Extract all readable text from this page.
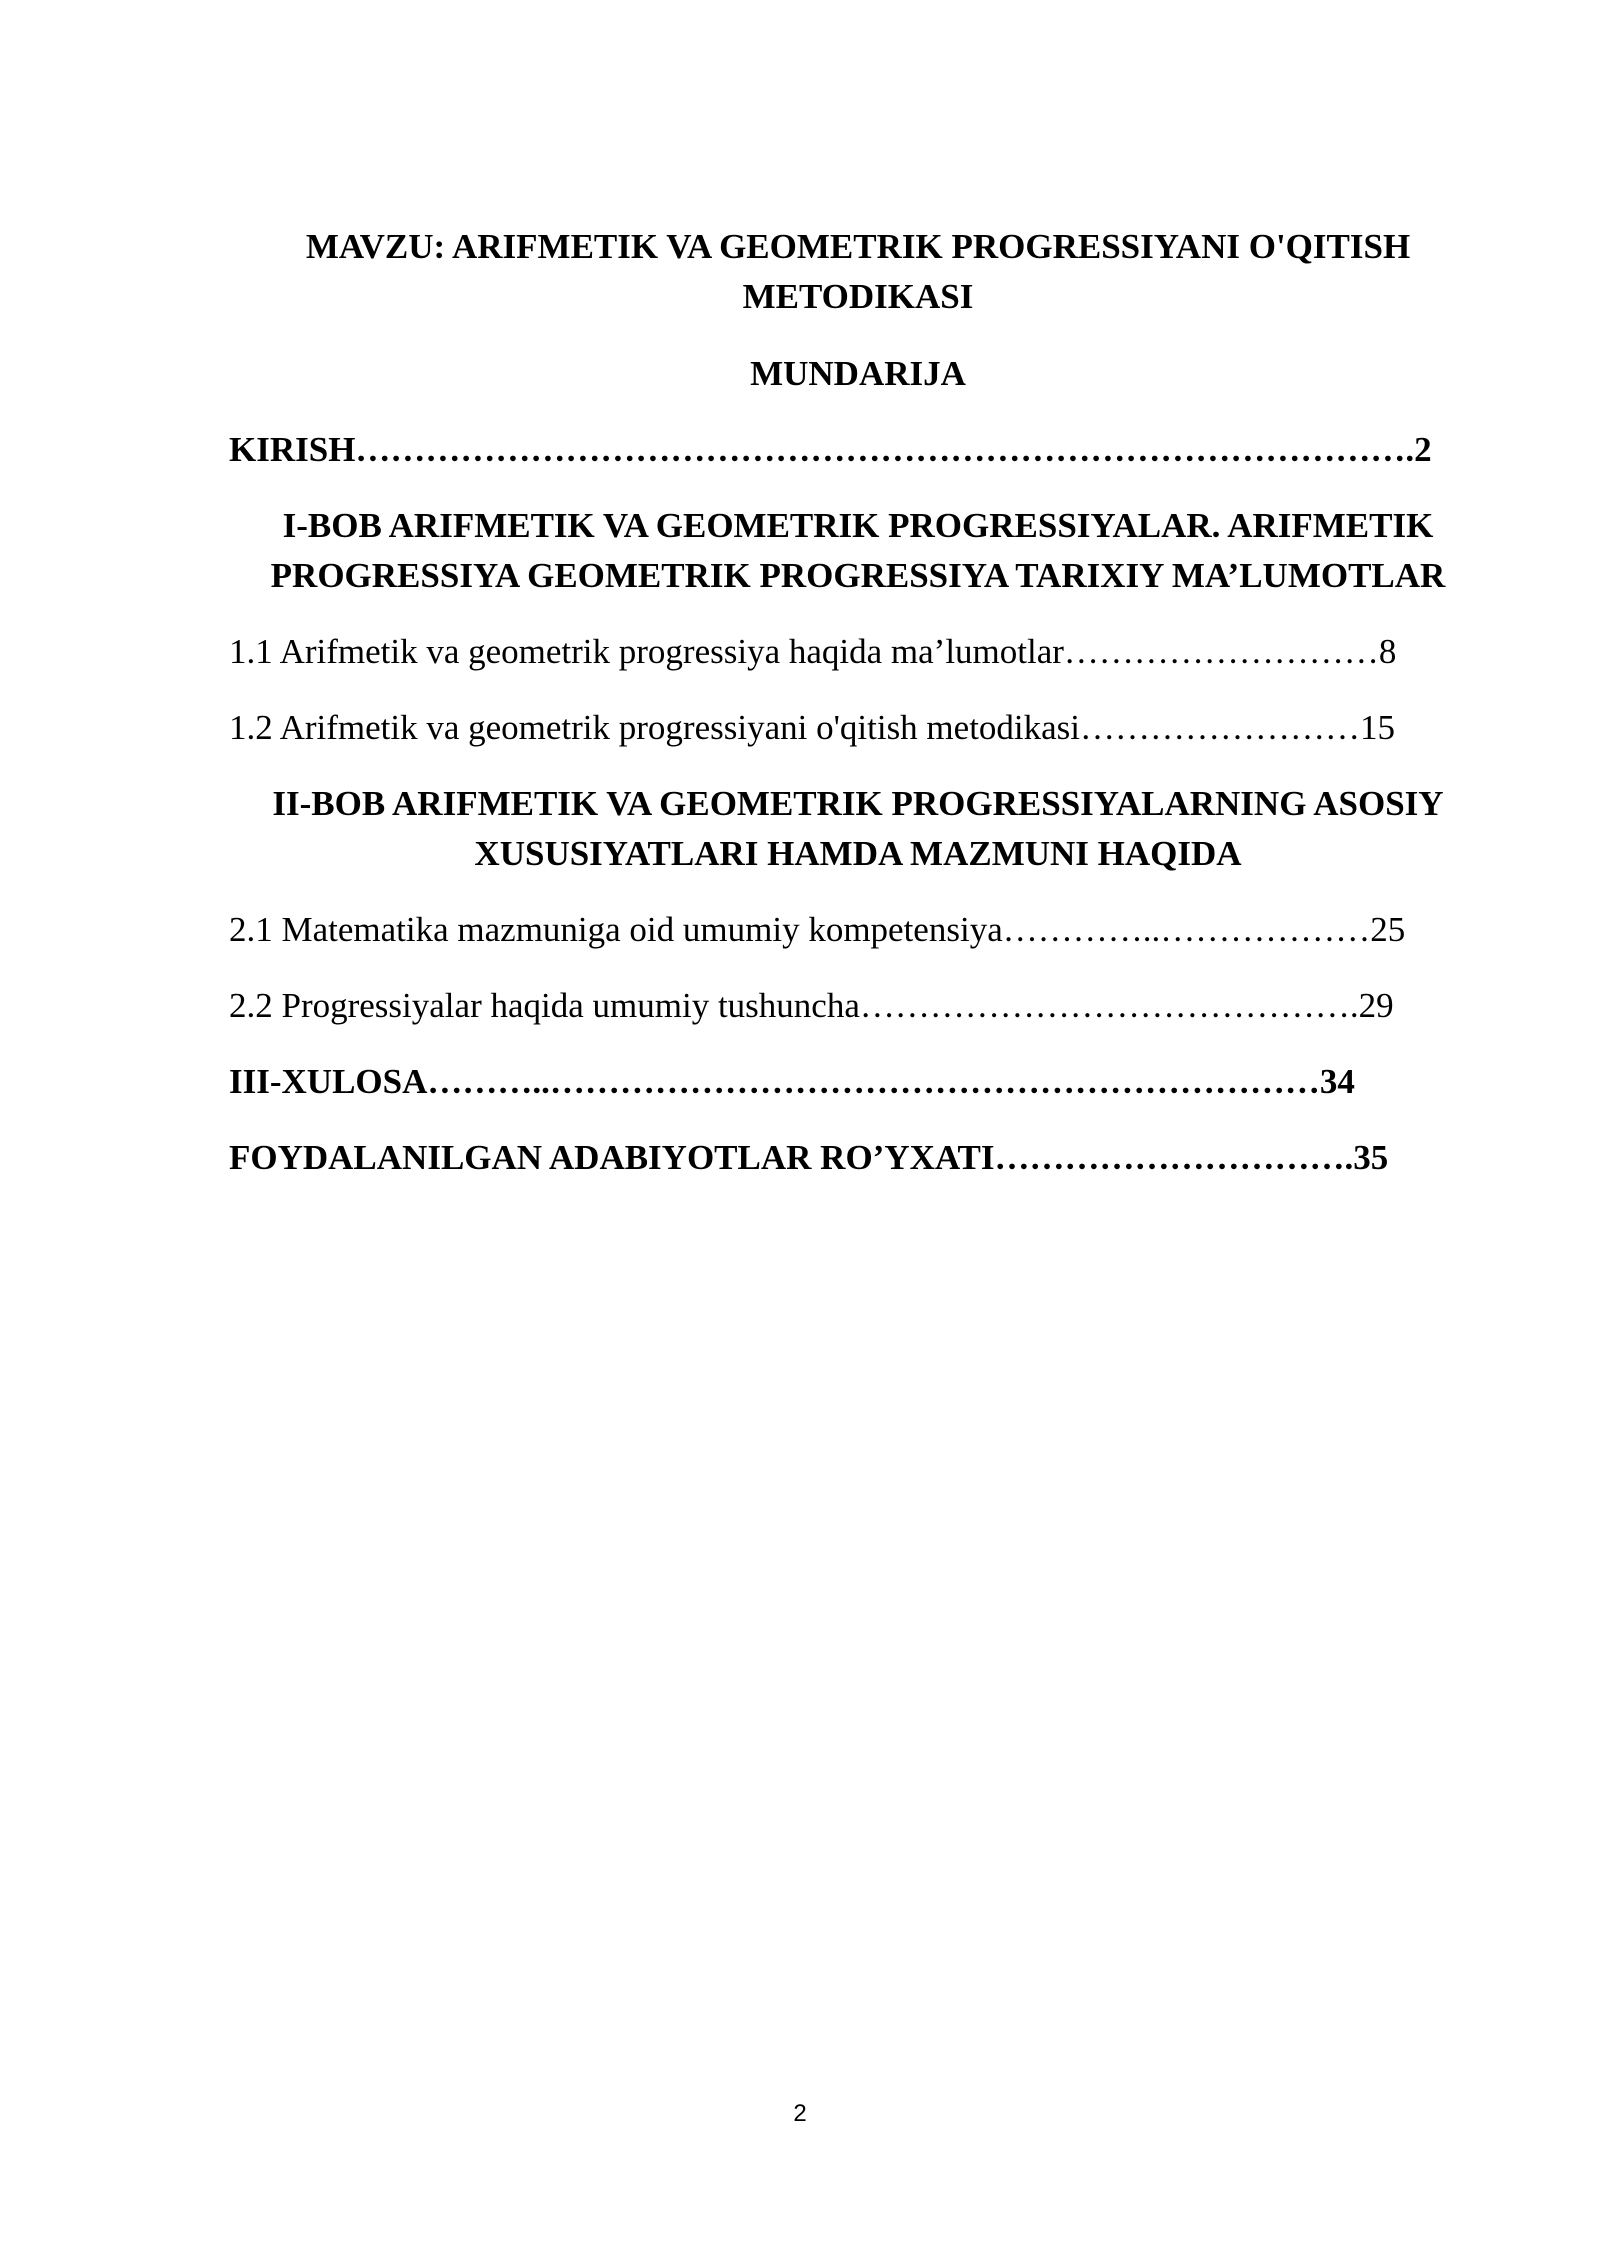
MAVZU: ARIFMETIK VA GEOMETRIK PROGRESSIYANI O'QITISH METODIKASI
MUNDARIJA
KIRISH……………………………………………………………………………….2
I-BOB ARIFMETIK VA GEOMETRIK PROGRESSIYALAR. ARIFMETIK PROGRESSIYA GEOMETRIK PROGRESSIYA TARIXIY MA’LUMOTLAR
1.1 Arifmetik va geometrik progressiya haqida ma’lumotlar………………………8
1.2 Arifmetik va geometrik progressiyani o'qitish metodikasi……………………15
II-BOB ARIFMETIK VA GEOMETRIK PROGRESSIYALARNING ASOSIY XUSUSIYATLARI HAMDA MAZMUNI HAQIDA
2.1 Matematika mazmuniga oid umumiy kompetensiya…………..………………25
2.2 Progressiyalar haqida umumiy tushuncha…………………………………….29
III-XULOSA………..…………………………………………………………34
FOYDALANILGAN ADABIYOTLAR RO’YXATI………………………….35
2
